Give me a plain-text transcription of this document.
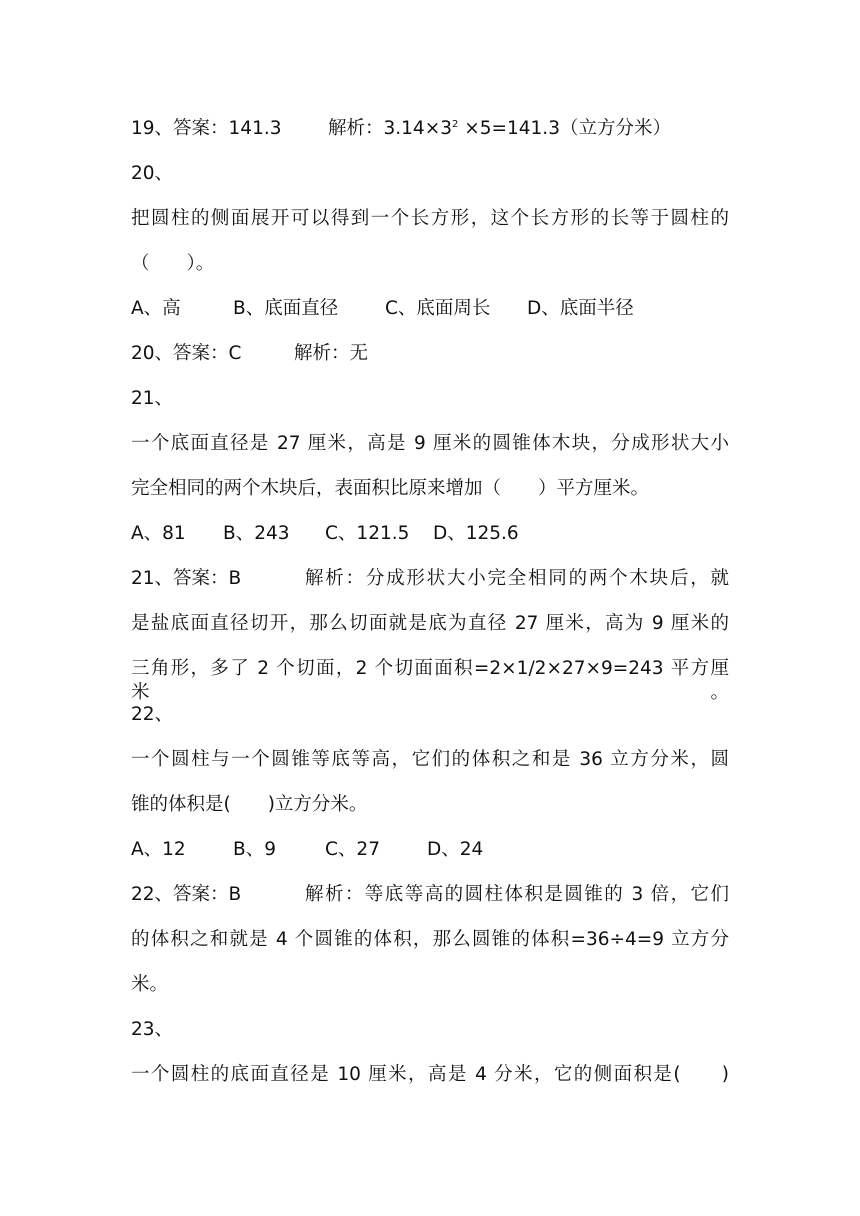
19、答案：141.3	解析：$3.14\times 3^2 \times 5=141.3$（立方分米）
20、
把圆柱的侧面展开可以得到一个长方形，这个长方形的长等于圆柱的
（　　）。
A、高	B、底面直径	C、底面周长 D、底面半径
20、答案：C	解析：无
21、
一个底面直径是 27 厘米，高是 9 厘米的圆锥体木块，分成形状大小
完全相同的两个木块后，表面积比原来增加（　　）平方厘米。
A、81 B、243 C、121.5 D、125.6
21、答案：B	解析：分成形状大小完全相同的两个木块后，就
是盐底面直径切开，那么切面就是底为直径 27 厘米，高为 9 厘米的
三角形，多了 2 个切面，2 个切面面积=2×1/2×27×9=243 平方厘米。
22、
一个圆柱与一个圆锥等底等高，它们的体积之和是 36 立方分米，圆
锥的体积是(　　)立方分米。
A、12	B、9	C、27	D、24
22、答案：B	解析：等底等高的圆柱体积是圆锥的 3 倍，它们
的体积之和就是 4 个圆锥的体积，那么圆锥的体积=36÷4=9 立方分
米。
23、
一个圆柱的底面直径是 10 厘米，高是 4 分米，它的侧面积是(　　)
